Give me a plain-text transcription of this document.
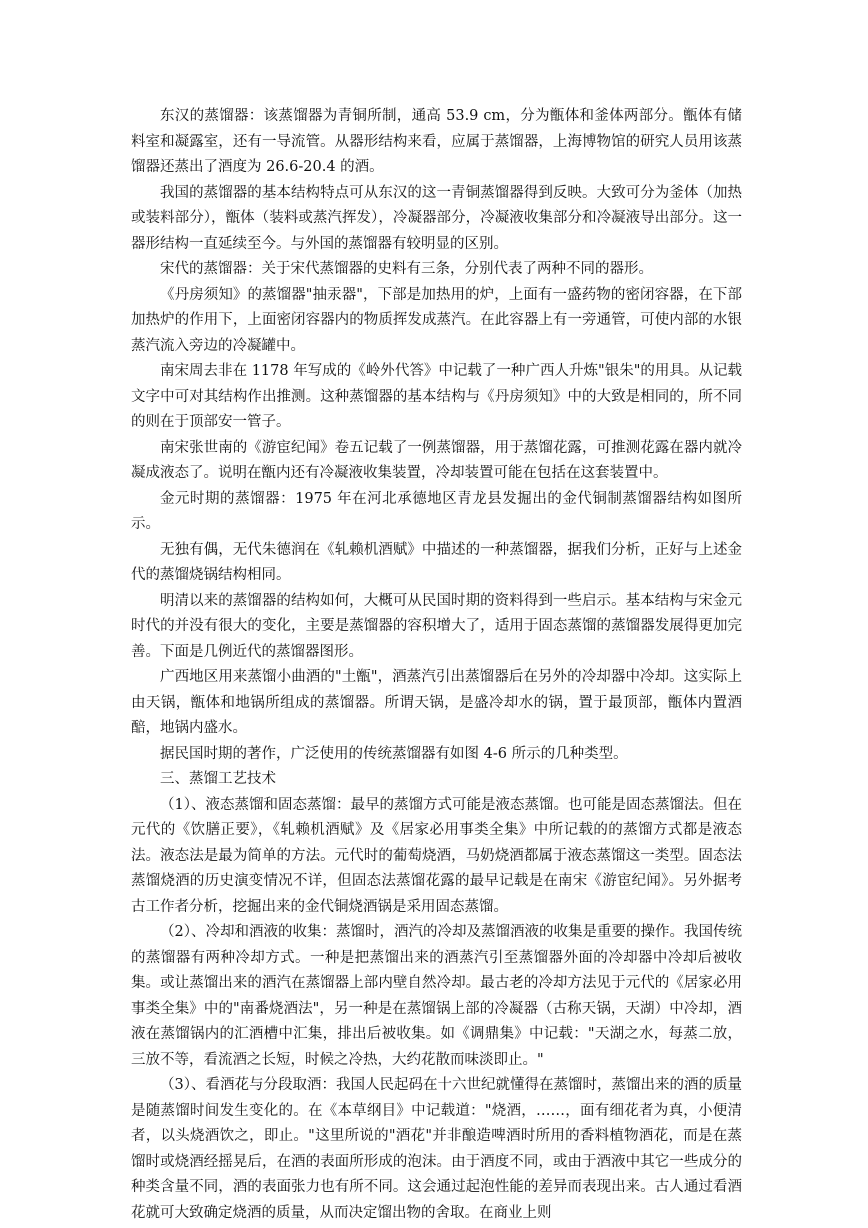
东汉的蒸馏器：该蒸馏器为青铜所制，通高 53.9 cm，分为甑体和釜体两部分。甑体有储料室和凝露室，还有一导流管。从器形结构来看，应属于蒸馏器，上海博物馆的研究人员用该蒸馏器还蒸出了酒度为 26.6-20.4 的酒。

我国的蒸馏器的基本结构特点可从东汉的这一青铜蒸馏器得到反映。大致可分为釜体（加热或装料部分），甑体（装料或蒸汽挥发），冷凝器部分，冷凝液收集部分和冷凝液导出部分。这一器形结构一直延续至今。与外国的蒸馏器有较明显的区别。

宋代的蒸馏器：关于宋代蒸馏器的史料有三条，分别代表了两种不同的器形。

《丹房须知》的蒸馏器"抽汞器"，下部是加热用的炉，上面有一盛药物的密闭容器，在下部加热炉的作用下，上面密闭容器内的物质挥发成蒸汽。在此容器上有一旁通管，可使内部的水银蒸汽流入旁边的冷凝罐中。

南宋周去非在 1178 年写成的《岭外代答》中记载了一种广西人升炼"银朱"的用具。从记载文字中可对其结构作出推测。这种蒸馏器的基本结构与《丹房须知》中的大致是相同的，所不同的则在于顶部安一管子。

南宋张世南的《游宦纪闻》卷五记载了一例蒸馏器，用于蒸馏花露，可推测花露在器内就冷凝成液态了。说明在甑内还有冷凝液收集装置，冷却装置可能在包括在这套装置中。

金元时期的蒸馏器：1975 年在河北承德地区青龙县发掘出的金代铜制蒸馏器结构如图所示。

无独有偶，无代朱德润在《轧赖机酒赋》中描述的一种蒸馏器，据我们分析，正好与上述金代的蒸馏烧锅结构相同。

明清以来的蒸馏器的结构如何，大概可从民国时期的资料得到一些启示。基本结构与宋金元时代的并没有很大的变化，主要是蒸馏器的容积增大了，适用于固态蒸馏的蒸馏器发展得更加完善。下面是几例近代的蒸馏器图形。

广西地区用来蒸馏小曲酒的"土甑"，酒蒸汽引出蒸馏器后在另外的冷却器中冷却。这实际上由天锅，甑体和地锅所组成的蒸馏器。所谓天锅，是盛冷却水的锅，置于最顶部，甑体内置酒醅，地锅内盛水。

据民国时期的著作，广泛使用的传统蒸馏器有如图 4-6 所示的几种类型。

三、蒸馏工艺技术

（1）、液态蒸馏和固态蒸馏：最早的蒸馏方式可能是液态蒸馏。也可能是固态蒸馏法。但在元代的《饮膳正要》，《轧赖机酒赋》及《居家必用事类全集》中所记载的的蒸馏方式都是液态法。液态法是最为简单的方法。元代时的葡萄烧酒，马奶烧酒都属于液态蒸馏这一类型。固态法蒸馏烧酒的历史演变情况不详，但固态法蒸馏花露的最早记载是在南宋《游宦纪闻》。另外据考古工作者分析，挖掘出来的金代铜烧酒锅是采用固态蒸馏。

（2）、冷却和酒液的收集：蒸馏时，酒汽的冷却及蒸馏酒液的收集是重要的操作。我国传统的蒸馏器有两种冷却方式。一种是把蒸馏出来的酒蒸汽引至蒸馏器外面的冷却器中冷却后被收集。或让蒸馏出来的酒汽在蒸馏器上部内壁自然冷却。最古老的冷却方法见于元代的《居家必用事类全集》中的"南番烧酒法"，另一种是在蒸馏锅上部的冷凝器（古称天锅，天湖）中冷却，酒液在蒸馏锅内的汇酒槽中汇集，排出后被收集。如《调鼎集》中记载："天湖之水，每蒸二放，三放不等，看流酒之长短，时候之冷热，大约花散而味淡即止。"

（3）、看酒花与分段取酒：我国人民起码在十六世纪就懂得在蒸馏时，蒸馏出来的酒的质量是随蒸馏时间发生变化的。在《本草纲目》中记载道："烧酒，……，面有细花者为真，小便清者，以头烧酒饮之，即止。"这里所说的"酒花"并非酿造啤酒时所用的香料植物酒花，而是在蒸馏时或烧酒经摇晃后，在酒的表面所形成的泡沫。由于酒度不同，或由于酒液中其它一些成分的种类含量不同，酒的表面张力也有所不同。这会通过起泡性能的差异而表现出来。古人通过看酒花就可大致确定烧酒的质量，从而决定馏出物的舍取。在商业上则
